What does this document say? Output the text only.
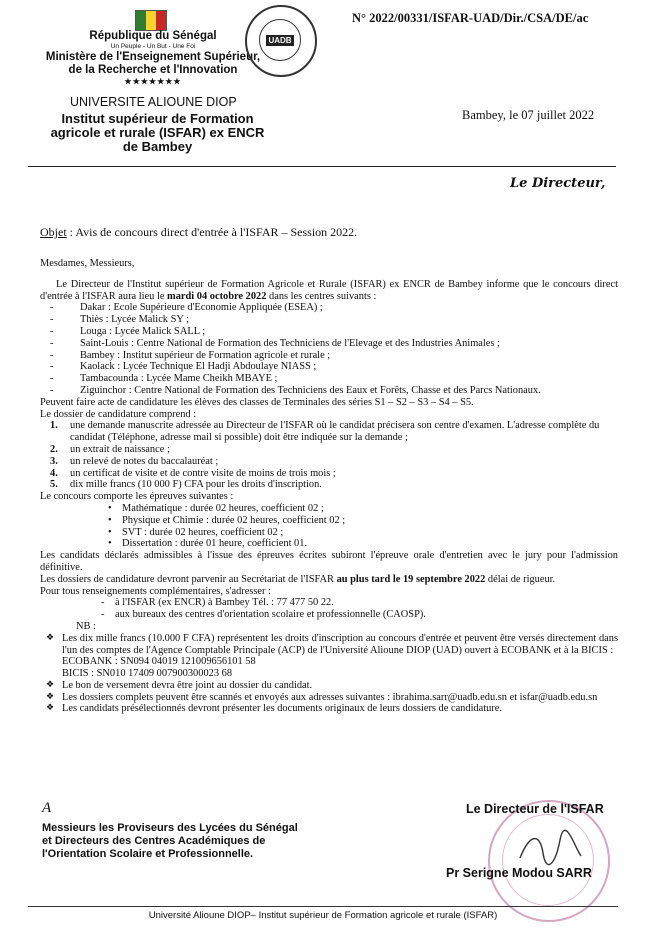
République du Sénégal
Un Peuple - Un But - Une Foi
Ministère de l'Enseignement Supérieur, de la Recherche et l'Innovation
★★★★★★★
UNIVERSITE ALIOUNE DIOP
Institut supérieur de Formation agricole et rurale (ISFAR) ex ENCR de Bambey
UADB
N° 2022/00331/ISFAR-UAD/Dir./CSA/DE/ac
Bambey, le 07 juillet 2022
Le Directeur,
Objet : Avis de concours direct d'entrée à l'ISFAR – Session 2022.

Mesdames, Messieurs,

Le Directeur de l'Institut supérieur de Formation Agricole et Rurale (ISFAR) ex ENCR de Bambey informe que le concours direct d'entrée à l'ISFAR aura lieu le mardi 04 octobre 2022 dans les centres suivants :

- Dakar : Ecole Supérieure d'Economie Appliquée (ESEA) ;
- Thiès : Lycée Malick SY ;
- Louga : Lycée Malick SALL ;
- Saint-Louis : Centre National de Formation des Techniciens de l'Elevage et des Industries Animales ;
- Bambey : Institut supérieur de Formation agricole et rurale ;
- Kaolack : Lycée Technique El Hadji Abdoulaye NIASS ;
- Tambacounda : Lycée Mame Cheikh MBAYE ;
- Ziguinchor : Centre National de Formation des Techniciens des Eaux et Forêts, Chasse et des Parcs Nationaux.

Peuvent faire acte de candidature les élèves des classes de Terminales des séries S1 – S2 – S3 – S4 – S5.

Le dossier de candidature comprend :

1. une demande manuscrite adressée au Directeur de l'ISFAR où le candidat précisera son centre d'examen. L'adresse complète du candidat (Téléphone, adresse mail si possible) doit être indiquée sur la demande ;
2. un extrait de naissance ;
3. un relevé de notes du baccalauréat ;
4. un certificat de visite et de contre visite de moins de trois mois ;
5. dix mille francs (10 000 F) CFA pour les droits d'inscription.

Le concours comporte les épreuves suivantes :

• Mathématique : durée 02 heures, coefficient 02 ;
• Physique et Chimie : durée 02 heures, coefficient 02 ;
• SVT : durée 02 heures, coefficient 02 ;
• Dissertation : durée 01 heure, coefficient 01.

Les candidats déclarés admissibles à l'issue des épreuves écrites subiront l'épreuve orale d'entretien avec le jury pour l'admission définitive.

Les dossiers de candidature devront parvenir au Secrétariat de l'ISFAR au plus tard le 19 septembre 2022 délai de rigueur.

Pour tous renseignements complémentaires, s'adresser :

- à l'ISFAR (ex ENCR) à Bambey Tél. : 77 477 50 22.
- aux bureaux des centres d'orientation scolaire et professionnelle (CAOSP).

NB :

❖ Les dix mille francs (10.000 F CFA) représentent les droits d'inscription au concours d'entrée et peuvent être versés directement dans l'un des comptes de l'Agence Comptable Principale (ACP) de l'Université Alioune DIOP (UAD) ouvert à ECOBANK et à la BICIS :

ECOBANK : SN094 04019 121009656101 58

BICIS : SN010 17409 007900300023 68

❖ Le bon de versement devra être joint au dossier du candidat.
❖ Les dossiers complets peuvent être scannés et envoyés aux adresses suivantes : ibrahima.sarr@uadb.edu.sn et isfar@uadb.edu.sn
❖ Les candidats présélectionnés devront présenter les documents originaux de leurs dossiers de candidature.
A
Messieurs les Proviseurs des Lycées du Sénégal et Directeurs des Centres Académiques de l'Orientation Scolaire et Professionnelle.
Le Directeur de l'ISFAR
Pr Serigne Modou SARR
Université Alioune DIOP– Institut supérieur de Formation agricole et rurale (ISFAR)
